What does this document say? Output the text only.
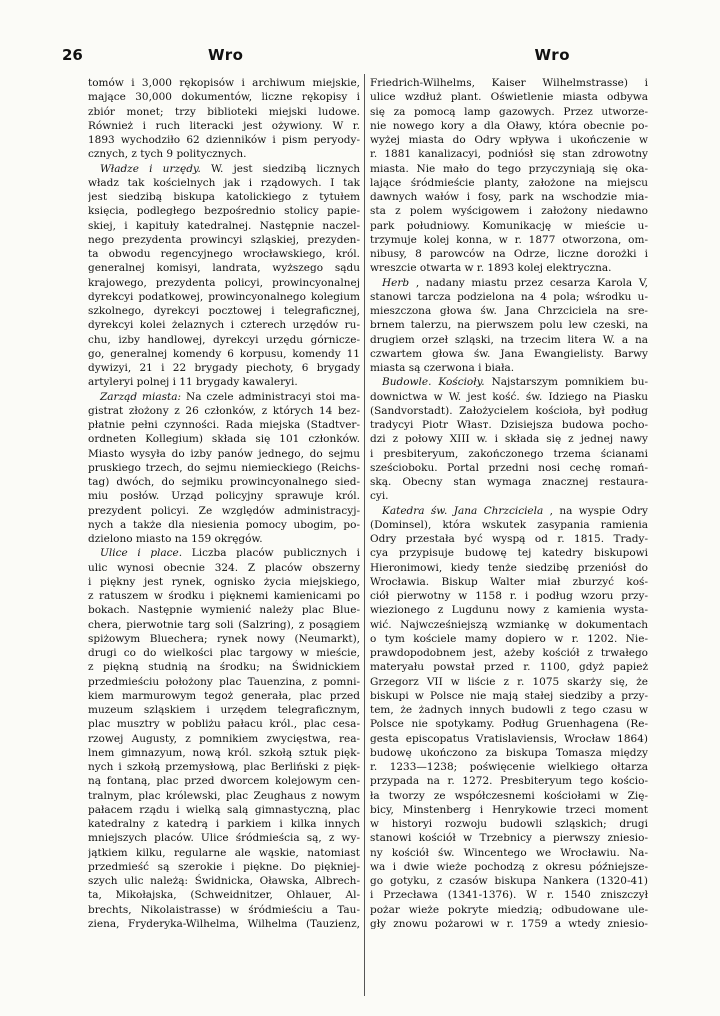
26	Wro	Wro
tomów i 3,000 rękopisów i archiwum miejskie,
mające 30,000 dokumentów, liczne rękopisy i
zbiór monet; trzy biblioteki miejski ludowe.
Również i ruch literacki jest ożywiony. W r.
1893 wychodziło 62 dzienników i pism peryody-
cznych, z tych 9 politycznych.
Władze i urzędy. W. jest siedzibą licznych
władz tak kościelnych jak i rządowych. I tak
jest siedzibą biskupa katolickiego z tytułem
księcia, podległego bezpośrednio stolicy papie-
skiej, i kapituły katedralnej. Następnie naczel-
nego prezydenta prowincyi szląskiej, prezyden-
ta obwodu regencyjnego wrocławskiego, król.
generalnej komisyi, landrata, wyższego sądu
krajowego, prezydenta policyi, prowincyonalnej
dyrekcyi podatkowej, prowincyonalnego kolegium
szkolnego, dyrekcyi pocztowej i telegraficznej,
dyrekcyi kolei żelaznych i czterech urzędów ru-
chu, izby handlowej, dyrekcyi urzędu górnicze-
go, generalnej komendy 6 korpusu, komendy 11
dywizyi, 21 i 22 brygady piechoty, 6 brygady
artyleryi polnej i 11 brygady kawaleryi.
Zarząd miasta: Na czele administracyi stoi ma-
gistrat złożony z 26 członków, z których 14 bez-
płatnie pełni czynności. Rada miejska (Stadtver-
ordneten Kollegium) składa się 101 członków.
Miasto wysyła do izby panów jednego, do sejmu
pruskiego trzech, do sejmu niemieckiego (Reichs-
tag) dwóch, do sejmiku prowincyonalnego sied-
miu posłów. Urząd policyjny sprawuje król.
prezydent policyi. Ze względów administracyj-
nych a także dla niesienia pomocy ubogim, po-
dzielono miasto na 159 okręgów.
Ulice i place. Liczba placów publicznych i
ulic wynosi obecnie 324. Z placów obszerny
i piękny jest rynek, ognisko życia miejskiego,
z ratuszem w środku i pięknemi kamienicami po
bokach. Następnie wymienić należy plac Blue-
chera, pierwotnie targ soli (Salzring), z posągiem
spiżowym Bluechera; rynek nowy (Neumarkt),
drugi co do wielkości plac targowy w mieście,
z piękną studnią na środku; na Świdnickiem
przedmieściu położony plac Tauenzina, z pomni-
kiem marmurowym tegoż generała, plac przed
muzeum szląskiem i urzędem telegraficznym,
plac musztry w pobliżu pałacu król., plac cesa-
rzowej Augusty, z pomnikiem zwycięstwa, rea-
lnem gimnazyum, nową król. szkołą sztuk pięk-
nych i szkołą przemysłową, plac Berliński z pięk-
ną fontaną, plac przed dworcem kolejowym cen-
tralnym, plac królewski, plac Zeughaus z nowym
pałacem rządu i wielką salą gimnastyczną, plac
katedralny z katedrą i parkiem i kilka innych
mniejszych placów. Ulice śródmieścia są, z wy-
jątkiem kilku, regularne ale wąskie, natomiast
przedmieść są szerokie i piękne. Do piękniej-
szych ulic należą: Świdnicka, Oławska, Albrech-
ta, Mikołajska, (Schweidnitzer, Ohlauer, Al-
brechts, Nikolaistrasse) w śródmieściu a Tau-
ziena, Fryderyka-Wilhelma, Wilhelma (Tauzienz,
Friedrich-Wilhelms, Kaiser Wilhelmstrasse) i
ulice wzdłuż plant. Oświetlenie miasta odbywa
się za pomocą lamp gazowych. Przez utworze-
nie nowego kory a dla Oławy, która obecnie po-
wyżej miasta do Odry wpływa i ukończenie w
r. 1881 kanalizacyi, podniósł się stan zdrowotny
miasta. Nie mało do tego przyczyniają się oka-
lające śródmieście planty, założone na miejscu
dawnych wałów i fosy, park na wschodzie mia-
sta z polem wyścigowem i założony niedawno
park południowy. Komunikację w mieście u-
trzymuje kolej konna, w r. 1877 otworzona, om-
nibusy, 8 parowców na Odrze, liczne dorożki i
wreszcie otwarta w r. 1893 kolej elektryczna.
Herb , nadany miastu przez cesarza Karola V,
stanowi tarcza podzielona na 4 pola; wśrodku u-
mieszczona głowa św. Jana Chrzciciela na sre-
brnem talerzu, na pierwszem polu lew czeski, na
drugiem orzeł szląski, na trzecim litera W. a na
czwartem głowa św. Jana Ewangielisty. Barwy
miasta są czerwona i biała.
Budowle. Kościoły. Najstarszym pomnikiem bu-
downictwa w W. jest kość. św. Idziego na Piasku
(Sandvorstadt). Założycielem kościoła, był podług
tradycyi Piotr Własт. Dzisiejsza budowa pocho-
dzi z połowy XIII w. i składa się z jednej nawy
i presbiteryum, zakończonego trzema ścianami
sześcioboku. Portal przedni nosi cechę romań-
ską. Obecny stan wymaga znacznej restaura-
cyi.
Katedra św. Jana Chrzciciela , na wyspie Odry
(Dominsel), która wskutek zasypania ramienia
Odry przestała być wyspą od r. 1815. Trady-
cya przypisuje budowę tej katedry biskupowi
Hieronimowi, kiedy tenże siedzibę przeniósł do
Wrocławia. Biskup Walter miał zburzyć koś-
ciół pierwotny w 1158 r. i podług wzoru przy-
wiezionego z Lugdunu nowy z kamienia wysta-
wić. Najwcześniejszą wzmiankę w dokumentach
o tym kościele mamy dopiero w r. 1202. Nie-
prawdopodobnem jest, ażeby kościół z trwałego
materyału powstał przed r. 1100, gdyż papież
Grzegorz VII w liście z r. 1075 skarży się, że
biskupi w Polsce nie mają stałej siedziby a przy-
tem, że żadnych innych budowli z tego czasu w
Polsce nie spotykamy. Podług Gruenhagena (Re-
gesta episcopatus Vratislaviensis, Wrocław 1864)
budowę ukończono za biskupa Tomasza między
r. 1233—1238; poświęcenie wielkiego ołtarza
przypada na r. 1272. Presbiteryum tego kościo-
ła tworzy ze współczesnemi kościołami w Zię-
bicy, Minstenberg i Henrykowie trzeci moment
w historyi rozwoju budowli szląskich; drugi
stanowi kościół w Trzebnicy a pierwszy zniesio-
ny kościół św. Wincentego we Wrocławiu. Na-
wa i dwie wieże pochodzą z okresu późniejsze-
go gotyku, z czasów biskupa Nankera (1320-41)
i Przecława (1341-1376). W r. 1540 zniszczył
pożar wieże pokryte miedzią; odbudowane ule-
gły znowu pożarowi w r. 1759 a wtedy zniesio-
